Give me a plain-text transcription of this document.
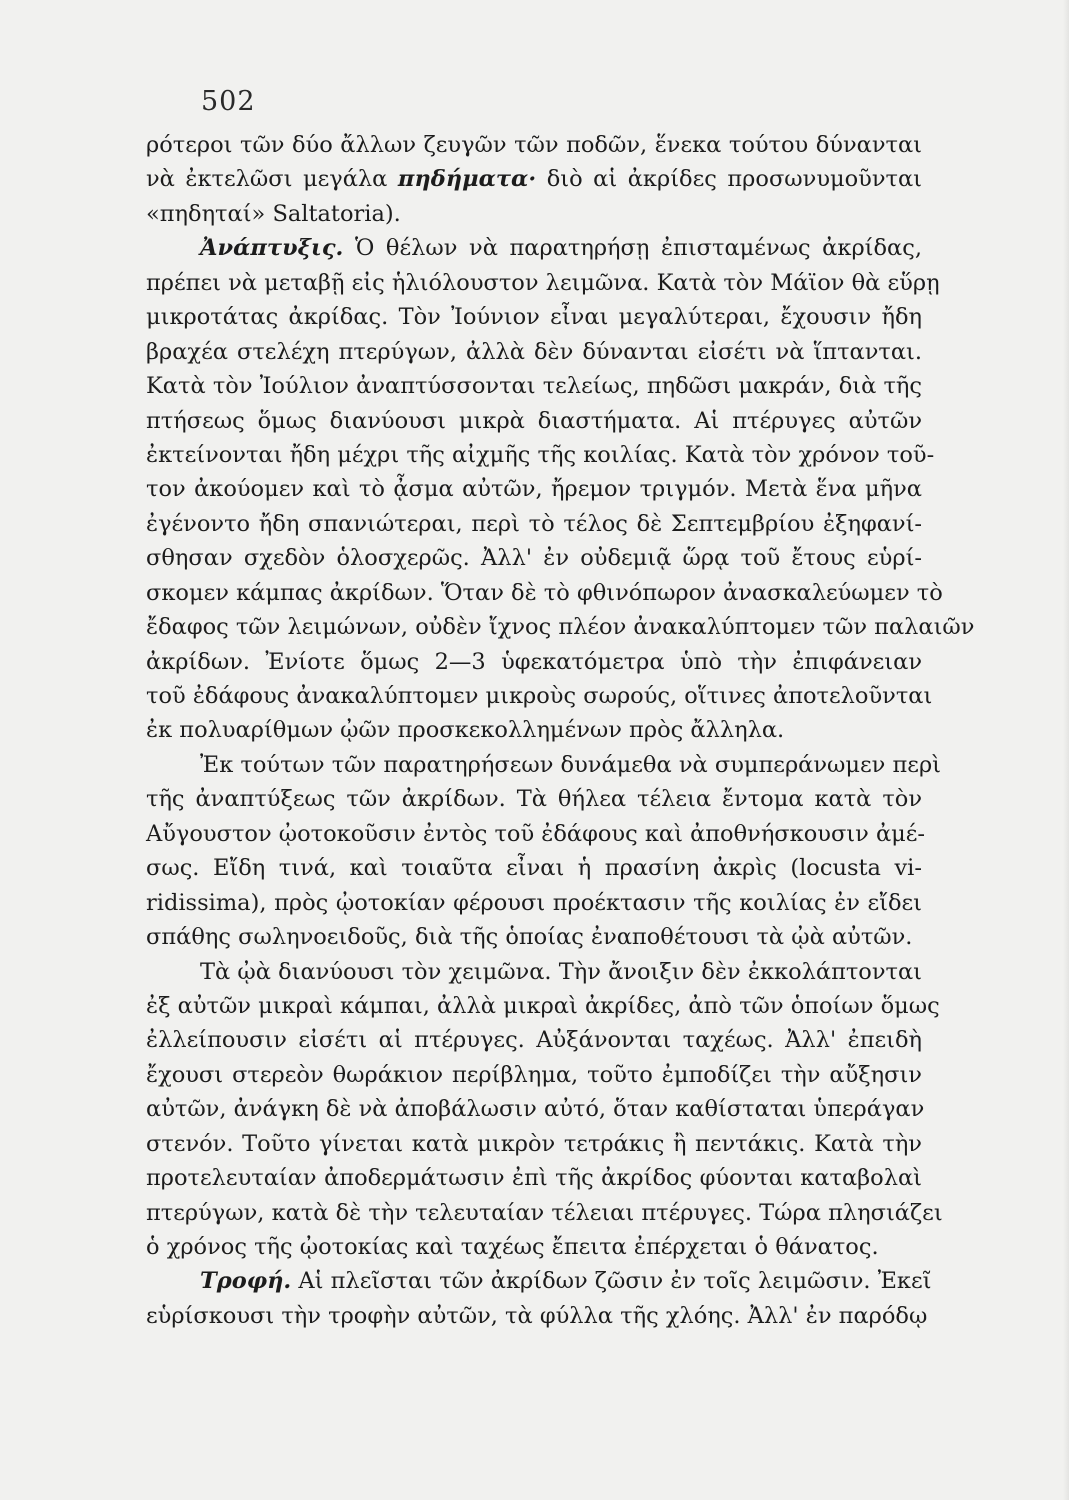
502
ρότεροι τῶν δύο ἄλλων ζευγῶν τῶν ποδῶν, ἕνεκα τούτου δύνανται
νὰ ἐκτελῶσι μεγάλα πηδήματα· διὸ αἱ ἀκρίδες προσωνυμοῦνται
«πηδηταί» Saltatoria).
Ἀνάπτυξις. Ὁ θέλων νὰ παρατηρήσῃ ἐπισταμένως ἀκρίδας,
πρέπει νὰ μεταβῇ εἰς ἡλιόλουστον λειμῶνα. Κατὰ τὸν Μάϊον θὰ εὕρῃ
μικροτάτας ἀκρίδας. Τὸν Ἰούνιον εἶναι μεγαλύτεραι, ἔχουσιν ἤδη
βραχέα στελέχη πτερύγων, ἀλλὰ δὲν δύνανται εἰσέτι νὰ ἵπτανται.
Κατὰ τὸν Ἰούλιον ἀναπτύσσονται τελείως, πηδῶσι μακράν, διὰ τῆς
πτήσεως ὅμως διανύουσι μικρὰ διαστήματα. Αἱ πτέρυγες αὐτῶν
ἐκτείνονται ἤδη μέχρι τῆς αἰχμῆς τῆς κοιλίας. Κατὰ τὸν χρόνον τοῦ-
τον ἀκούομεν καὶ τὸ ᾆσμα αὐτῶν, ἤρεμον τριγμόν. Μετὰ ἕνα μῆνα
ἐγένοντο ἤδη σπανιώτεραι, περὶ τὸ τέλος δὲ Σεπτεμβρίου ἐξηφανί-
σθησαν σχεδὸν ὁλοσχερῶς. Ἀλλ' ἐν οὐδεμιᾷ ὥρᾳ τοῦ ἔτους εὑρί-
σκομεν κάμπας ἀκρίδων. Ὅταν δὲ τὸ φθινόπωρον ἀνασκαλεύωμεν τὸ
ἔδαφος τῶν λειμώνων, οὐδὲν ἴχνος πλέον ἀνακαλύπτομεν τῶν παλαιῶν
ἀκρίδων. Ἐνίοτε ὅμως 2—3 ὑφεκατόμετρα ὑπὸ τὴν ἐπιφάνειαν
τοῦ ἐδάφους ἀνακαλύπτομεν μικροὺς σωρούς, οἵτινες ἀποτελοῦνται
ἐκ πολυαρίθμων ᾠῶν προσκεκολλημένων πρὸς ἄλληλα.
Ἐκ τούτων τῶν παρατηρήσεων δυνάμεθα νὰ συμπεράνωμεν περὶ
τῆς ἀναπτύξεως τῶν ἀκρίδων. Τὰ θήλεα τέλεια ἔντομα κατὰ τὸν
Αὔγουστον ᾠοτοκοῦσιν ἐντὸς τοῦ ἐδάφους καὶ ἀποθνήσκουσιν ἀμέ-
σως. Εἴδη τινά, καὶ τοιαῦτα εἶναι ἡ πρασίνη ἀκρὶς (locusta vi-
ridissima), πρὸς ᾠοτοκίαν φέρουσι προέκτασιν τῆς κοιλίας ἐν εἴδει
σπάθης σωληνοειδοῦς, διὰ τῆς ὁποίας ἐναποθέτουσι τὰ ᾠὰ αὐτῶν.
Τὰ ᾠὰ διανύουσι τὸν χειμῶνα. Τὴν ἄνοιξιν δὲν ἐκκολάπτονται
ἐξ αὐτῶν μικραὶ κάμπαι, ἀλλὰ μικραὶ ἀκρίδες, ἀπὸ τῶν ὁποίων ὅμως
ἐλλείπουσιν εἰσέτι αἱ πτέρυγες. Αὐξάνονται ταχέως. Ἀλλ' ἐπειδὴ
ἔχουσι στερεὸν θωράκιον περίβλημα, τοῦτο ἐμποδίζει τὴν αὔξησιν
αὐτῶν, ἀνάγκη δὲ νὰ ἀποβάλωσιν αὐτό, ὅταν καθίσταται ὑπεράγαν
στενόν. Τοῦτο γίνεται κατὰ μικρὸν τετράκις ἢ πεντάκις. Κατὰ τὴν
προτελευταίαν ἀποδερμάτωσιν ἐπὶ τῆς ἀκρίδος φύονται καταβολαὶ
πτερύγων, κατὰ δὲ τὴν τελευταίαν τέλειαι πτέρυγες. Τώρα πλησιάζει
ὁ χρόνος τῆς ᾠοτοκίας καὶ ταχέως ἔπειτα ἐπέρχεται ὁ θάνατος.
Τροφή. Αἱ πλεῖσται τῶν ἀκρίδων ζῶσιν ἐν τοῖς λειμῶσιν. Ἐκεῖ
εὑρίσκουσι τὴν τροφὴν αὐτῶν, τὰ φύλλα τῆς χλόης. Ἀλλ' ἐν παρόδῳ
